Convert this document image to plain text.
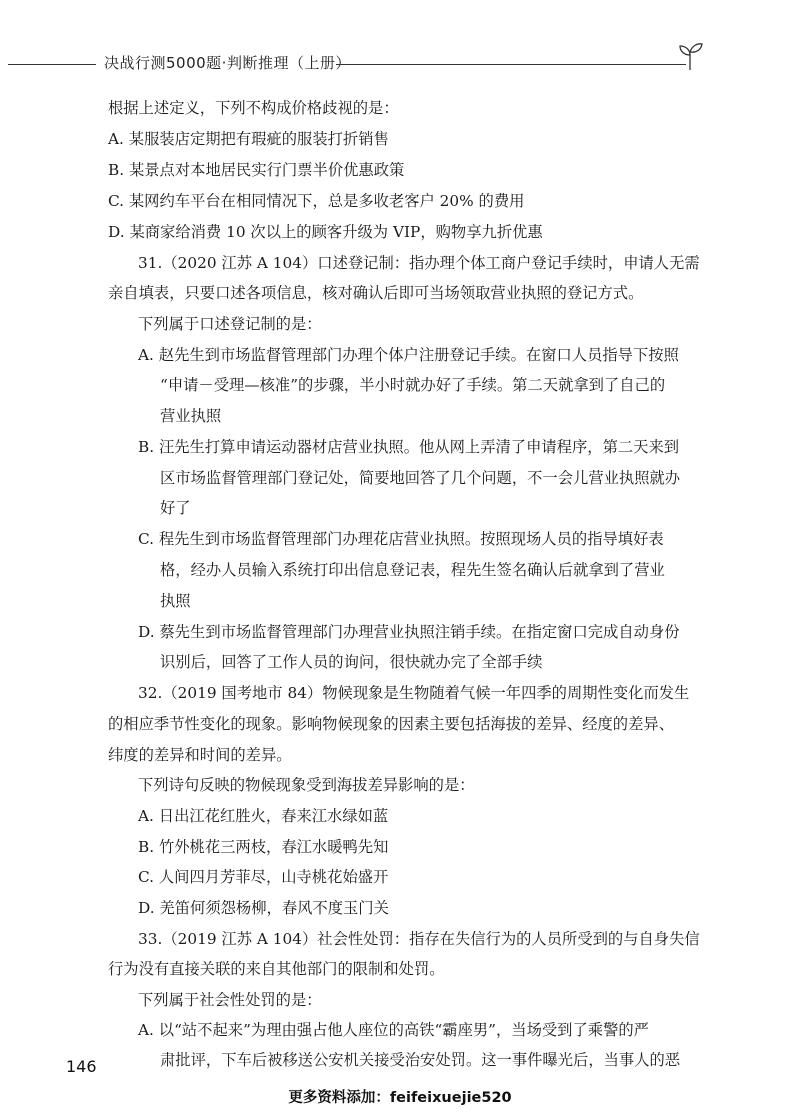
决战行测5000题·判断推理（上册）
根据上述定义，下列不构成价格歧视的是：
A. 某服装店定期把有瑕疵的服装打折销售
B. 某景点对本地居民实行门票半价优惠政策
C. 某网约车平台在相同情况下，总是多收老客户 20% 的费用
D. 某商家给消费 10 次以上的顾客升级为 VIP，购物享九折优惠
31.（2020 江苏 A 104）口述登记制：指办理个体工商户登记手续时，申请人无需
亲自填表，只要口述各项信息，核对确认后即可当场领取营业执照的登记方式。
下列属于口述登记制的是：
A. 赵先生到市场监督管理部门办理个体户注册登记手续。在窗口人员指导下按照
“申请－受理—核准”的步骤，半小时就办好了手续。第二天就拿到了自己的
营业执照
B. 汪先生打算申请运动器材店营业执照。他从网上弄清了申请程序，第二天来到
区市场监督管理部门登记处，简要地回答了几个问题，不一会儿营业执照就办
好了
C. 程先生到市场监督管理部门办理花店营业执照。按照现场人员的指导填好表
格，经办人员输入系统打印出信息登记表，程先生签名确认后就拿到了营业
执照
D. 蔡先生到市场监督管理部门办理营业执照注销手续。在指定窗口完成自动身份
识别后，回答了工作人员的询问，很快就办完了全部手续
32.（2019 国考地市 84）物候现象是生物随着气候一年四季的周期性变化而发生
的相应季节性变化的现象。影响物候现象的因素主要包括海拔的差异、经度的差异、
纬度的差异和时间的差异。
下列诗句反映的物候现象受到海拔差异影响的是：
A. 日出江花红胜火，春来江水绿如蓝
B. 竹外桃花三两枝，春江水暖鸭先知
C. 人间四月芳菲尽，山寺桃花始盛开
D. 羌笛何须怨杨柳，春风不度玉门关
33.（2019 江苏 A 104）社会性处罚：指存在失信行为的人员所受到的与自身失信
行为没有直接关联的来自其他部门的限制和处罚。
下列属于社会性处罚的是：
A. 以“站不起来”为理由强占他人座位的高铁“霸座男”，当场受到了乘警的严
肃批评，下车后被移送公安机关接受治安处罚。这一事件曝光后，当事人的恶
146
更多资料添加：feifeixuejie520
